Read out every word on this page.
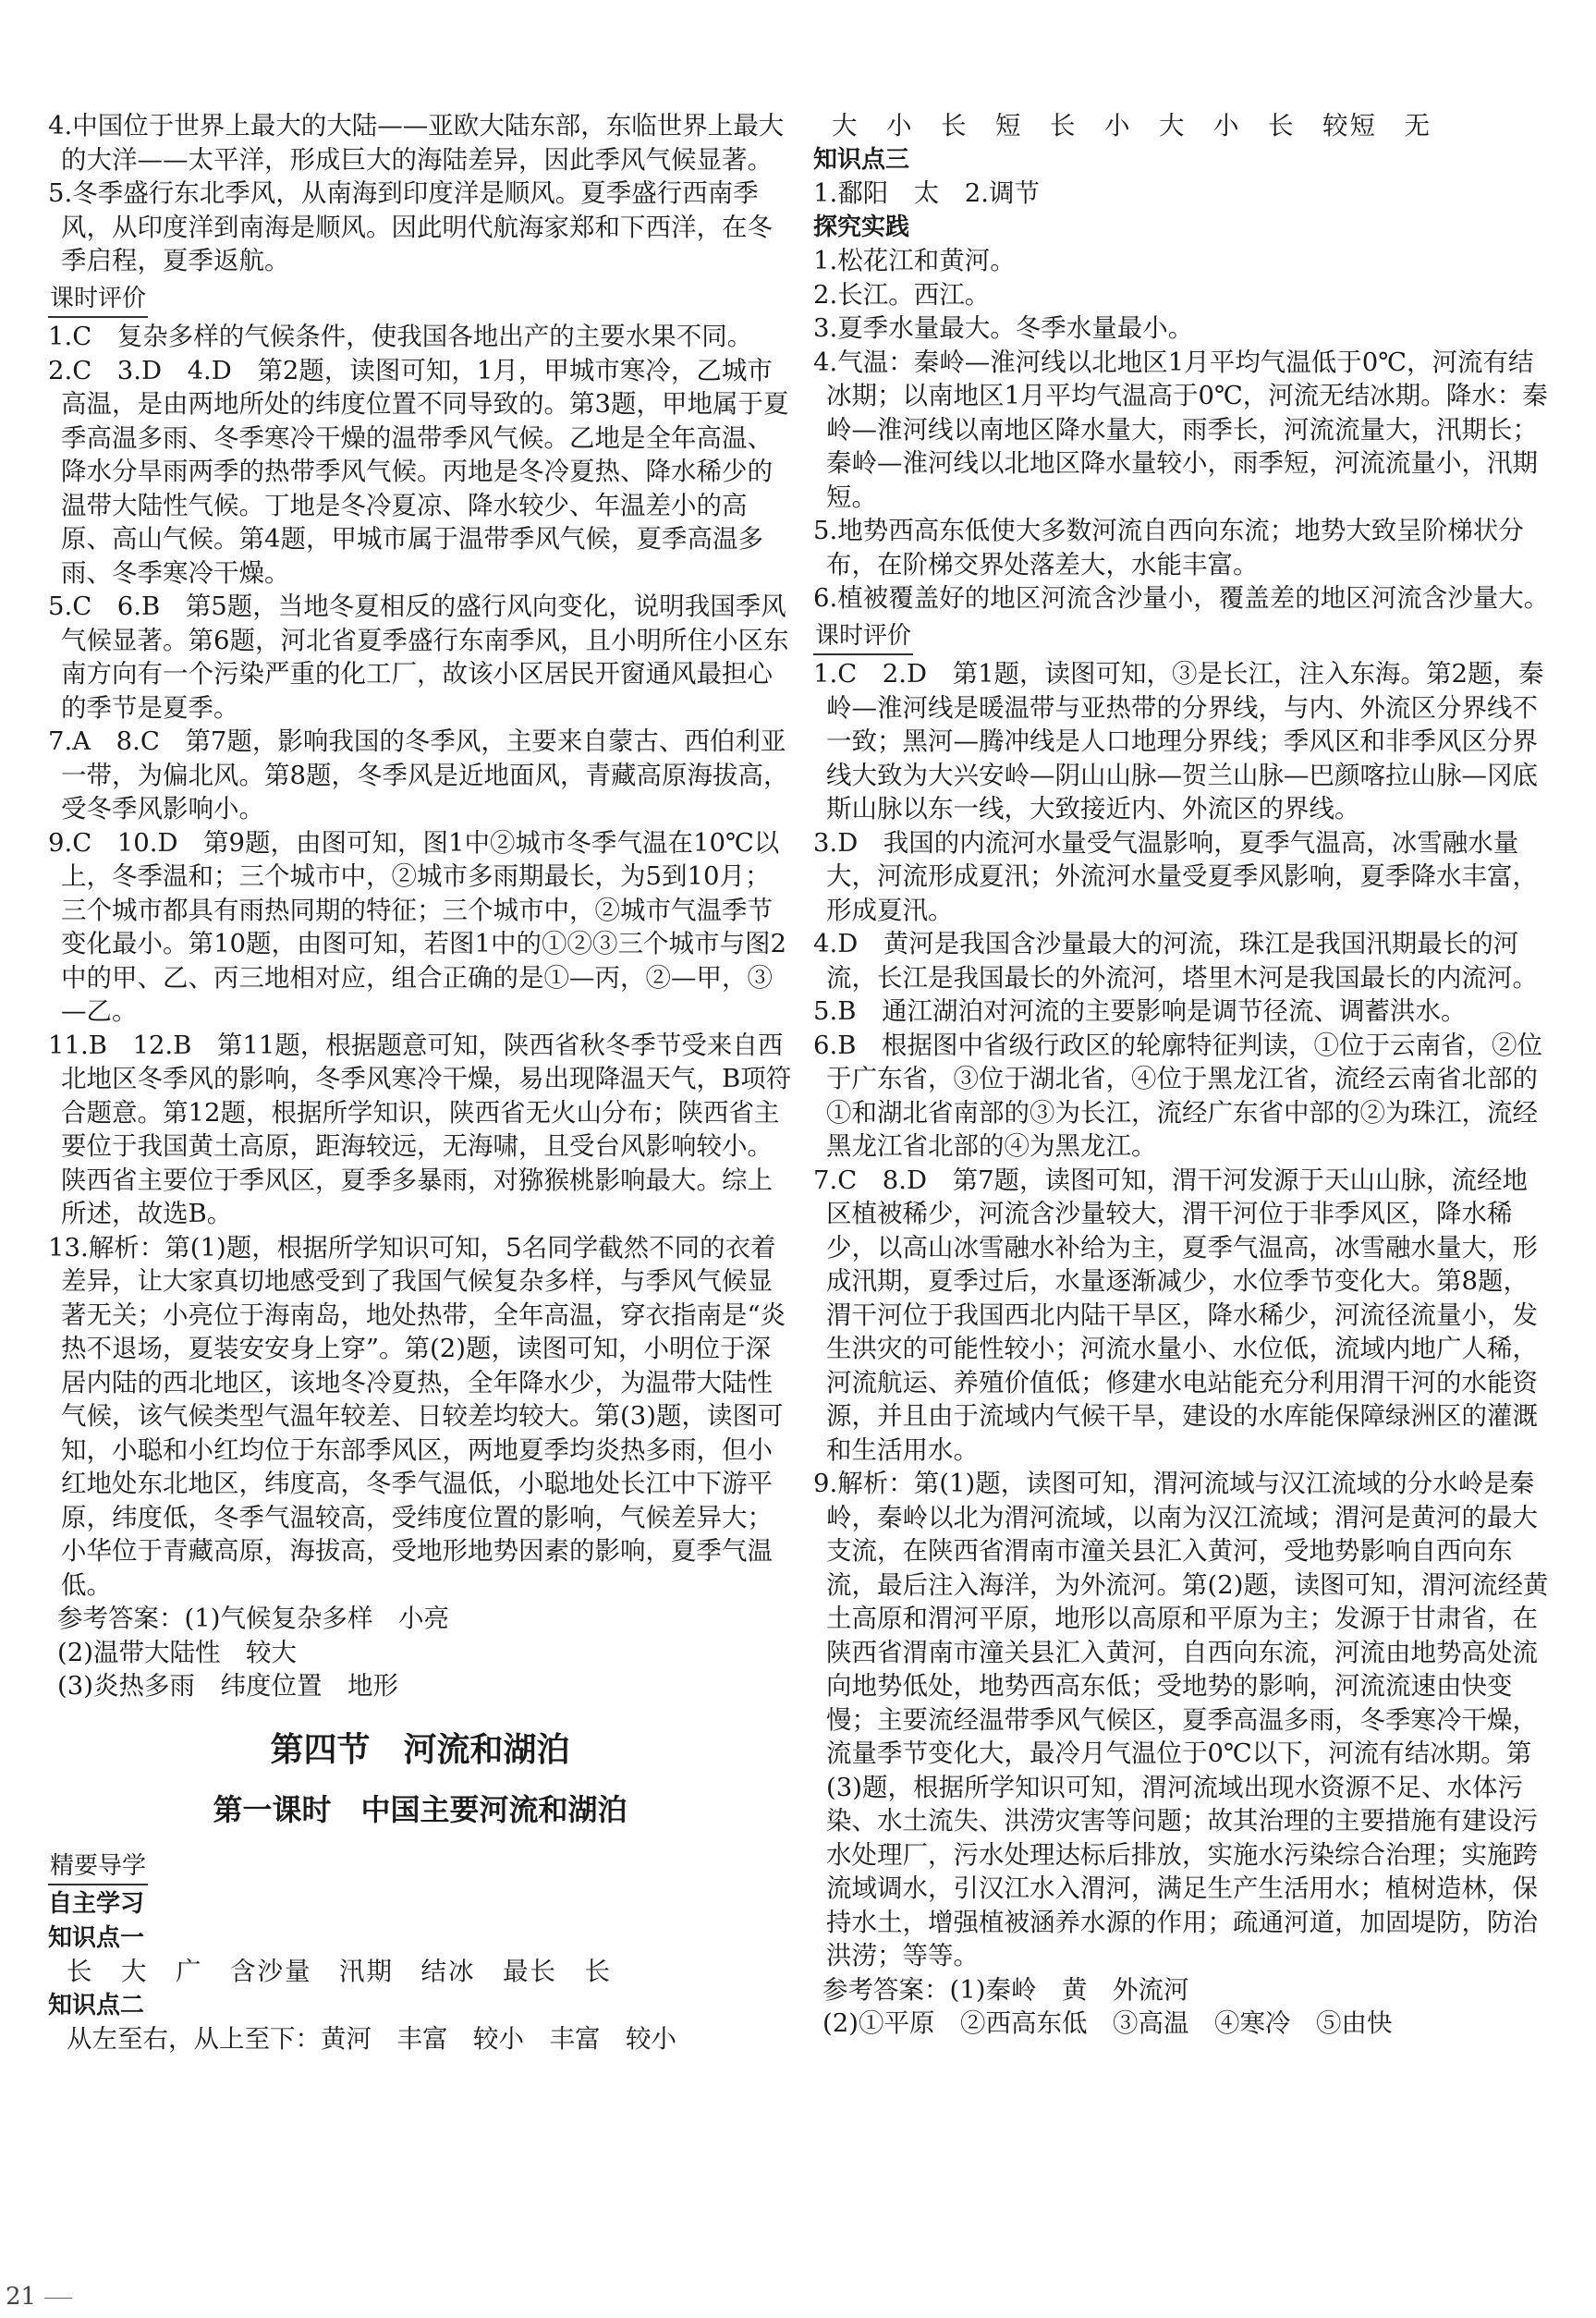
4.中国位于世界上最大的大陆——亚欧大陆东部，东临世界上最大的大洋——太平洋，形成巨大的海陆差异，因此季风气候显著。

5.冬季盛行东北季风，从南海到印度洋是顺风。夏季盛行西南季风，从印度洋到南海是顺风。因此明代航海家郑和下西洋，在冬季启程，夏季返航。

课时评价

1.C　复杂多样的气候条件，使我国各地出产的主要水果不同。

2.C　3.D　4.D　第2题，读图可知，1月，甲城市寒冷，乙城市高温，是由两地所处的纬度位置不同导致的。第3题，甲地属于夏季高温多雨、冬季寒冷干燥的温带季风气候。乙地是全年高温、降水分旱雨两季的热带季风气候。丙地是冬冷夏热、降水稀少的温带大陆性气候。丁地是冬冷夏凉、降水较少、年温差小的高原、高山气候。第4题，甲城市属于温带季风气候，夏季高温多雨、冬季寒冷干燥。

5.C　6.B　第5题，当地冬夏相反的盛行风向变化，说明我国季风气候显著。第6题，河北省夏季盛行东南季风，且小明所住小区东南方向有一个污染严重的化工厂，故该小区居民开窗通风最担心的季节是夏季。

7.A　8.C　第7题，影响我国的冬季风，主要来自蒙古、西伯利亚一带，为偏北风。第8题，冬季风是近地面风，青藏高原海拔高，受冬季风影响小。

9.C　10.D　第9题，由图可知，图1中②城市冬季气温在10℃以上，冬季温和；三个城市中，②城市多雨期最长，为5到10月；三个城市都具有雨热同期的特征；三个城市中，②城市气温季节变化最小。第10题，由图可知，若图1中的①②③三个城市与图2中的甲、乙、丙三地相对应，组合正确的是①—丙，②—甲，③—乙。

11.B　12.B　第11题，根据题意可知，陕西省秋冬季节受来自西北地区冬季风的影响，冬季风寒冷干燥，易出现降温天气，B项符合题意。第12题，根据所学知识，陕西省无火山分布；陕西省主要位于我国黄土高原，距海较远，无海啸，且受台风影响较小。陕西省主要位于季风区，夏季多暴雨，对猕猴桃影响最大。综上所述，故选B。

13.解析：第(1)题，根据所学知识可知，5名同学截然不同的衣着差异，让大家真切地感受到了我国气候复杂多样，与季风气候显著无关；小亮位于海南岛，地处热带，全年高温，穿衣指南是“炎热不退场，夏装安安身上穿”。第(2)题，读图可知，小明位于深居内陆的西北地区，该地冬冷夏热，全年降水少，为温带大陆性气候，该气候类型气温年较差、日较差均较大。第(3)题，读图可知，小聪和小红均位于东部季风区，两地夏季均炎热多雨，但小红地处东北地区，纬度高，冬季气温低，小聪地处长江中下游平原，纬度低，冬季气温较高，受纬度位置的影响，气候差异大；小华位于青藏高原，海拔高，受地形地势因素的影响，夏季气温低。

参考答案：(1)气候复杂多样　小亮

(2)温带大陆性　较大

(3)炎热多雨　纬度位置　地形

第四节　河流和湖泊
第一课时　中国主要河流和湖泊
精要导学

自主学习

知识点一

长　大　广　含沙量　汛期　结冰　最长　长

知识点二

从左至右，从上至下：黄河　丰富　较小　丰富　较小

大　小　长　短　长　小　大　小　长　较短　无

知识点三

1.鄱阳　太　2.调节

探究实践

1.松花江和黄河。

2.长江。西江。

3.夏季水量最大。冬季水量最小。

4.气温：秦岭—淮河线以北地区1月平均气温低于0℃，河流有结冰期；以南地区1月平均气温高于0℃，河流无结冰期。降水：秦岭—淮河线以南地区降水量大，雨季长，河流流量大，汛期长；秦岭—淮河线以北地区降水量较小，雨季短，河流流量小，汛期短。

5.地势西高东低使大多数河流自西向东流；地势大致呈阶梯状分布，在阶梯交界处落差大，水能丰富。

6.植被覆盖好的地区河流含沙量小，覆盖差的地区河流含沙量大。

课时评价

1.C　2.D　第1题，读图可知，③是长江，注入东海。第2题，秦岭—淮河线是暖温带与亚热带的分界线，与内、外流区分界线不一致；黑河—腾冲线是人口地理分界线；季风区和非季风区分界线大致为大兴安岭—阴山山脉—贺兰山脉—巴颜喀拉山脉—冈底斯山脉以东一线，大致接近内、外流区的界线。

3.D　我国的内流河水量受气温影响，夏季气温高，冰雪融水量大，河流形成夏汛；外流河水量受夏季风影响，夏季降水丰富，形成夏汛。

4.D　黄河是我国含沙量最大的河流，珠江是我国汛期最长的河流，长江是我国最长的外流河，塔里木河是我国最长的内流河。

5.B　通江湖泊对河流的主要影响是调节径流、调蓄洪水。

6.B　根据图中省级行政区的轮廓特征判读，①位于云南省，②位于广东省，③位于湖北省，④位于黑龙江省，流经云南省北部的①和湖北省南部的③为长江，流经广东省中部的②为珠江，流经黑龙江省北部的④为黑龙江。

7.C　8.D　第7题，读图可知，渭干河发源于天山山脉，流经地区植被稀少，河流含沙量较大，渭干河位于非季风区，降水稀少，以高山冰雪融水补给为主，夏季气温高，冰雪融水量大，形成汛期，夏季过后，水量逐渐减少，水位季节变化大。第8题，渭干河位于我国西北内陆干旱区，降水稀少，河流径流量小，发生洪灾的可能性较小；河流水量小、水位低，流域内地广人稀，河流航运、养殖价值低；修建水电站能充分利用渭干河的水能资源，并且由于流域内气候干旱，建设的水库能保障绿洲区的灌溉和生活用水。

9.解析：第(1)题，读图可知，渭河流域与汉江流域的分水岭是秦岭，秦岭以北为渭河流域，以南为汉江流域；渭河是黄河的最大支流，在陕西省渭南市潼关县汇入黄河，受地势影响自西向东流，最后注入海洋，为外流河。第(2)题，读图可知，渭河流经黄土高原和渭河平原，地形以高原和平原为主；发源于甘肃省，在陕西省渭南市潼关县汇入黄河，自西向东流，河流由地势高处流向地势低处，地势西高东低；受地势的影响，河流流速由快变慢；主要流经温带季风气候区，夏季高温多雨，冬季寒冷干燥，流量季节变化大，最冷月气温位于0℃以下，河流有结冰期。第(3)题，根据所学知识可知，渭河流域出现水资源不足、水体污染、水土流失、洪涝灾害等问题；故其治理的主要措施有建设污水处理厂，污水处理达标后排放，实施水污染综合治理；实施跨流域调水，引汉江水入渭河，满足生产生活用水；植树造林，保持水土，增强植被涵养水源的作用；疏通河道，加固堤防，防治洪涝；等等。

参考答案：(1)秦岭　黄　外流河

(2)①平原　②西高东低　③高温　④寒冷　⑤由快

21
